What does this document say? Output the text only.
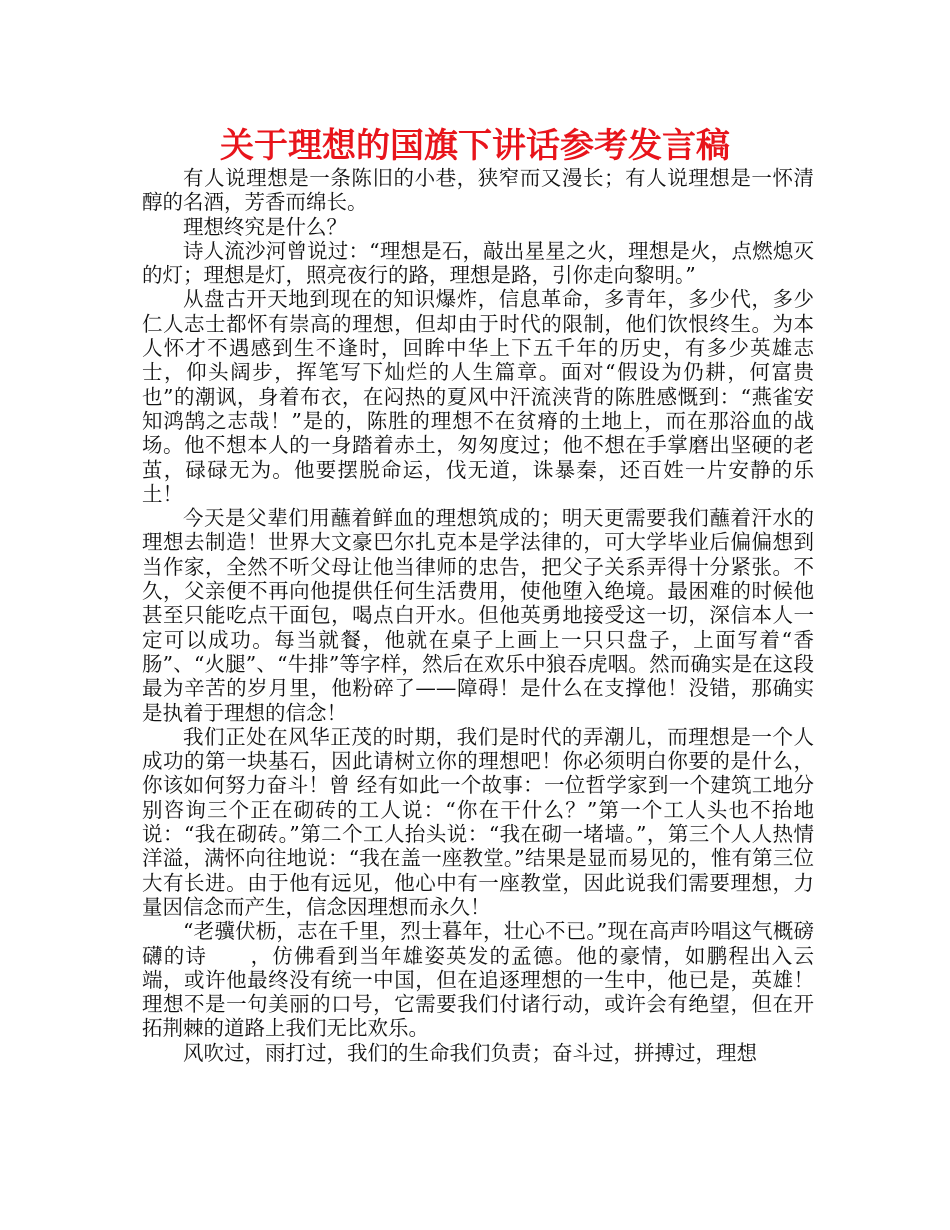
关于理想的国旗下讲话参考发言稿

有人说理想是一条陈旧的小巷，狭窄而又漫长；有人说理想是一怀清醇的名酒，芳香而绵长。

理想终究是什么？

诗人流沙河曾说过：“理想是石，敲出星星之火，理想是火，点燃熄灭的灯；理想是灯，照亮夜行的路，理想是路，引你走向黎明。”

从盘古开天地到现在的知识爆炸，信息革命，多青年，多少代，多少仁人志士都怀有崇高的理想，但却由于时代的限制，他们饮恨终生。为本人怀才不遇感到生不逢时，回眸中华上下五千年的历史，有多少英雄志士，仰头阔步，挥笔写下灿烂的人生篇章。面对“假设为仍耕，何富贵也”的潮讽，身着布衣，在闷热的夏风中汗流浃背的陈胜感慨到：“燕雀安知鸿鹄之志哉！”是的，陈胜的理想不在贫瘠的土地上，而在那浴血的战场。他不想本人的一身踏着赤土，匆匆度过；他不想在手掌磨出坚硬的老茧，碌碌无为。他要摆脱命运，伐无道，诛暴秦，还百姓一片安静的乐土！

今天是父辈们用蘸着鲜血的理想筑成的；明天更需要我们蘸着汗水的理想去制造！世界大文豪巴尔扎克本是学法律的，可大学毕业后偏偏想到当作家，全然不听父母让他当律师的忠告，把父子关系弄得十分紧张。不久，父亲便不再向他提供任何生活费用，使他堕入绝境。最困难的时候他甚至只能吃点干面包，喝点白开水。但他英勇地接受这一切，深信本人一定可以成功。每当就餐，他就在桌子上画上一只只盘子，上面写着“香肠”、“火腿”、“牛排”等字样，然后在欢乐中狼吞虎咽。然而确实是在这段最为辛苦的岁月里，他粉碎了——障碍！是什么在支撑他！没错，那确实是执着于理想的信念！

我们正处在风华正茂的时期，我们是时代的弄潮儿，而理想是一个人成功的第一块基石，因此请树立你的理想吧！你必须明白你要的是什么，你该如何努力奋斗！曾 经有如此一个故事：一位哲学家到一个建筑工地分别咨询三个正在砌砖的工人说：“你在干什么？”第一个工人头也不抬地说：“我在砌砖。”第二个工人抬头说：“我在砌一堵墙。”，第三个人人热情洋溢，满怀向往地说：“我在盖一座教堂。”结果是显而易见的，惟有第三位大有长进。由于他有远见，他心中有一座教堂，因此说我们需要理想，力量因信念而产生，信念因理想而永久！

“老骥伏枥，志在千里，烈士暮年，壮心不已。”现在高声吟唱这气概磅礴的诗　　，仿佛看到当年雄姿英发的孟德。他的豪情，如鹏程出入云端，或许他最终没有统一中国，但在追逐理想的一生中，他已是，英雄！理想不是一句美丽的口号，它需要我们付诸行动，或许会有绝望，但在开拓荆棘的道路上我们无比欢乐。

风吹过，雨打过，我们的生命我们负责；奋斗过，拼搏过，理想
